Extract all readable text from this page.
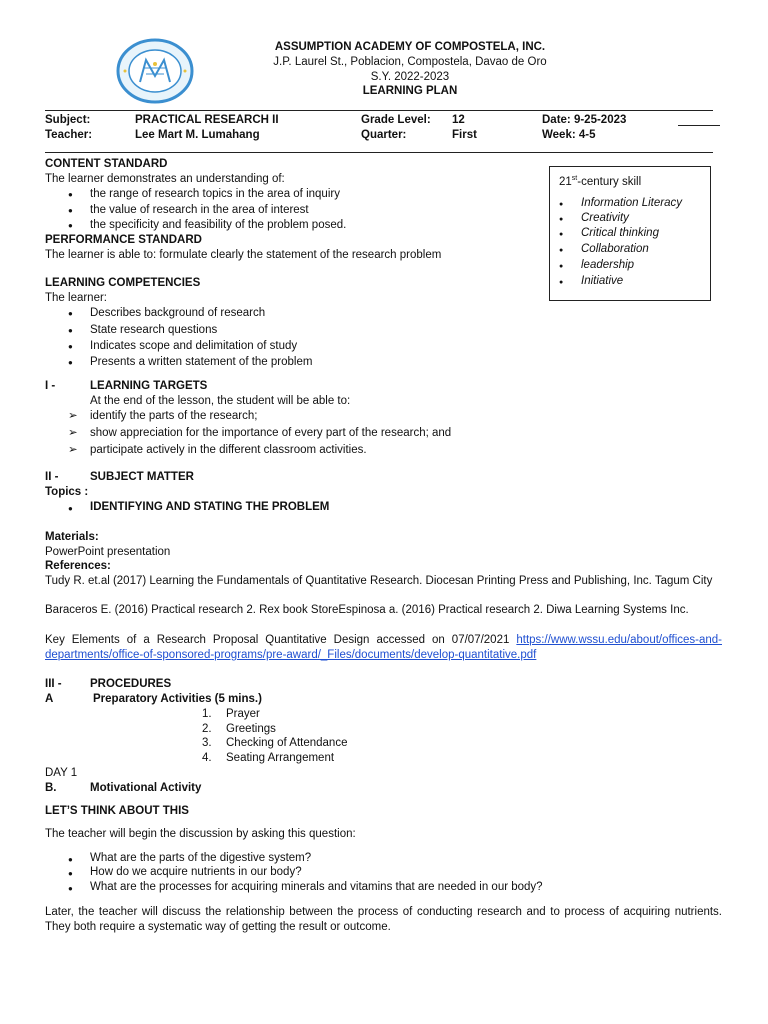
ASSUMPTION ACADEMY OF COMPOSTELA, INC.
J.P. Laurel St., Poblacion, Compostela, Davao de Oro
S.Y. 2022-2023
LEARNING PLAN
Subject:	PRACTICAL RESEARCH II	Grade Level: 12	Date: 9-25-2023
Teacher:	Lee Mart M. Lumahang	Quarter:	First	Week: 4-5
CONTENT STANDARD
The learner demonstrates an understanding of:
● the range of research topics in the area of inquiry
● the value of research in the area of interest
● the specificity and feasibility of the problem posed.
PERFORMANCE STANDARD
The learner is able to: formulate clearly the statement of the research problem
21st-century skill
● Information Literacy
● Creativity
● Critical thinking
● Collaboration
● leadership
● Initiative
LEARNING COMPETENCIES
The learner:
● Describes background of research
● State research questions
● Indicates scope and delimitation of study
● Presents a written statement of the problem
I -	LEARNING TARGETS
At the end of the lesson, the student will be able to:
➢ identify the parts of the research;
➢ show appreciation for the importance of every part of the research; and
➢ participate actively in the different classroom activities.
II -	SUBJECT MATTER
Topics :
● IDENTIFYING AND STATING THE PROBLEM
Materials:
PowerPoint presentation
References:
Tudy R. et.al (2017) Learning the Fundamentals of Quantitative Research. Diocesan Printing Press and Publishing, Inc. Tagum City
Baraceros E. (2016) Practical research 2. Rex book StoreEspinosa a. (2016) Practical research 2. Diwa Learning Systems Inc.
Key Elements of a Research Proposal Quantitative Design accessed on 07/07/2021 https://www.wssu.edu/about/offices-and-departments/office-of-sponsored-programs/pre-award/_Files/documents/develop-quantitative.pdf
III - PROCEDURES
A	Preparatory Activities (5 mins.)
1. Prayer
2. Greetings
3. Checking of Attendance
4. Seating Arrangement
DAY 1
B.	Motivational Activity
LET’S THINK ABOUT THIS
The teacher will begin the discussion by asking this question:
● What are the parts of the digestive system?
● How do we acquire nutrients in our body?
● What are the processes for acquiring minerals and vitamins that are needed in our body?
Later, the teacher will discuss the relationship between the process of conducting research and to process of acquiring nutrients. They both require a systematic way of getting the result or outcome.
